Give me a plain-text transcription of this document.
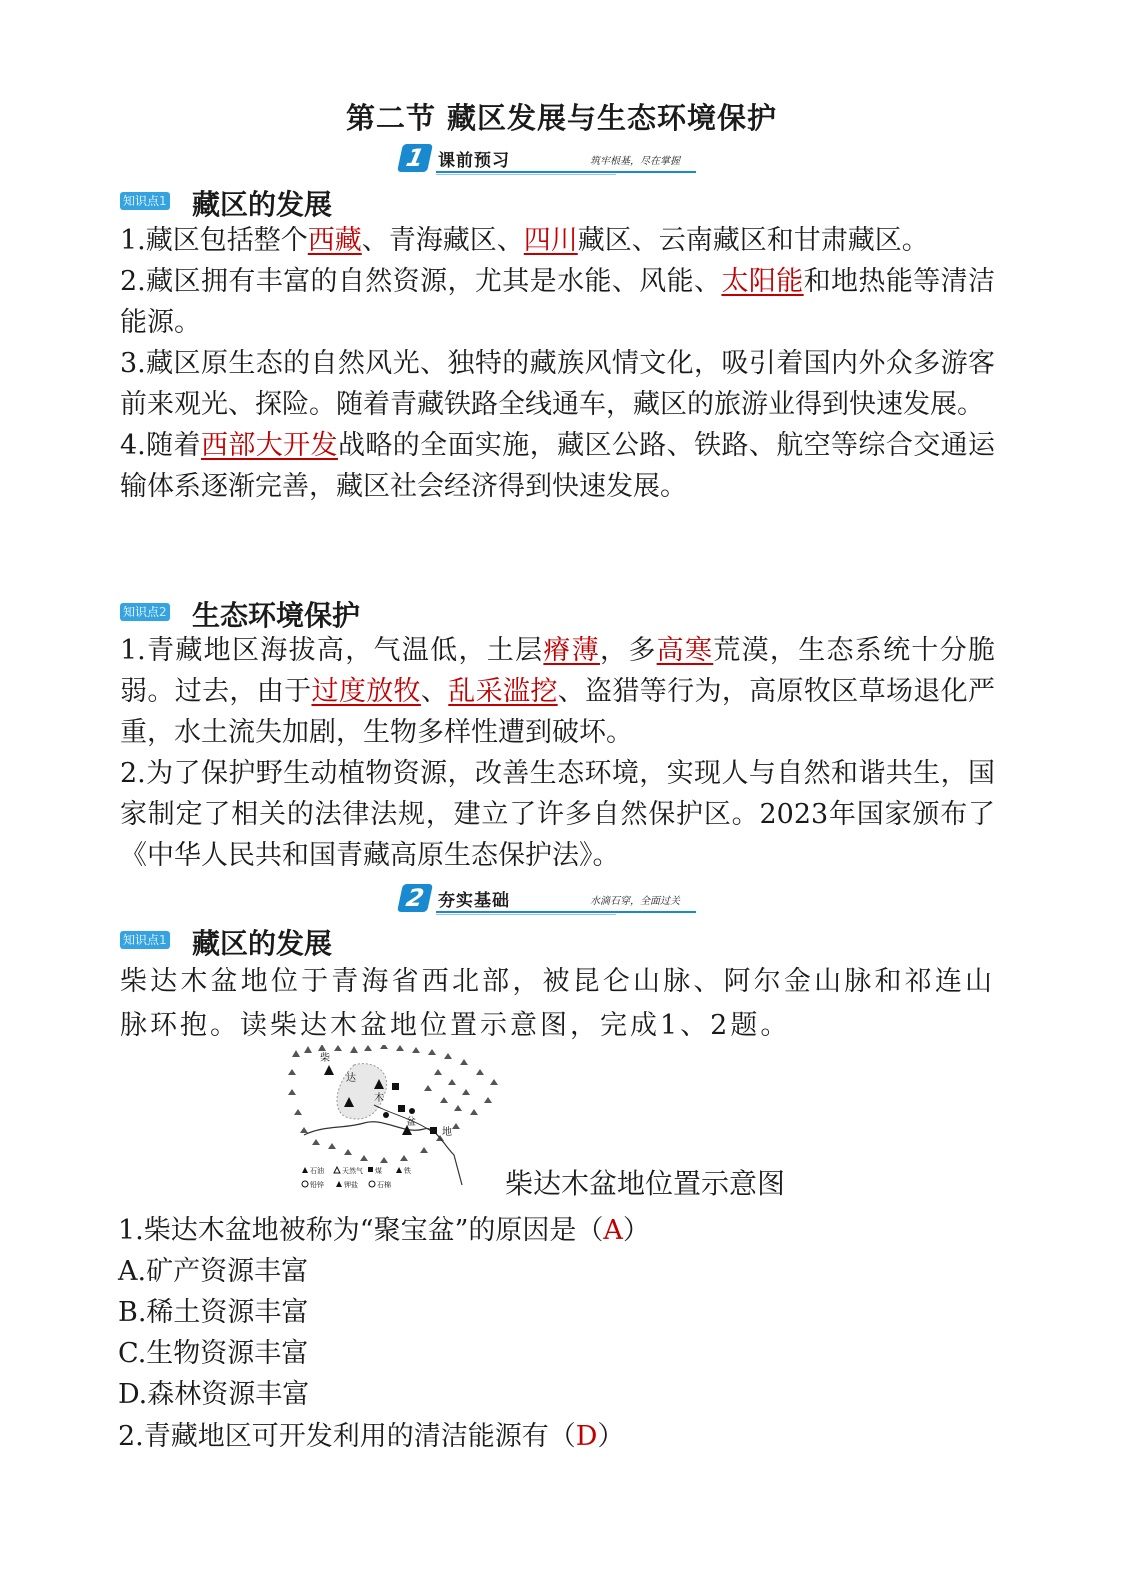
第二节 藏区发展与生态环境保护
1 课前预习	筑牢根基，尽在掌握
知识点1 藏区的发展

1.藏区包括整个西藏、青海藏区、四川藏区、云南藏区和甘肃藏区。

2.藏区拥有丰富的自然资源，尤其是水能、风能、太阳能和地热能等清洁能源。

3.藏区原生态的自然风光、独特的藏族风情文化，吸引着国内外众多游客前来观光、探险。随着青藏铁路全线通车，藏区的旅游业得到快速发展。

4.随着西部大开发战略的全面实施，藏区公路、铁路、航空等综合交通运输体系逐渐完善，藏区社会经济得到快速发展。

知识点2 生态环境保护

1.青藏地区海拔高，气温低，土层瘠薄，多高寒荒漠，生态系统十分脆弱。过去，由于过度放牧、乱采滥挖、盗猎等行为，高原牧区草场退化严重，水土流失加剧，生物多样性遭到破坏。

2.为了保护野生动植物资源，改善生态环境，实现人与自然和谐共生，国家制定了相关的法律法规，建立了许多自然保护区。2023年国家颁布了《中华人民共和国青藏高原生态保护法》。

2 夯实基础	水滴石穿，全面过关
知识点1 藏区的发展
柴达木盆地位于青海省西北部，被昆仑山脉、阿尔金山脉和祁连山脉环抱。读柴达木盆地位置示意图，完成1、2题。
柴
达
木
盆
地
石油	天然气 煤	铁
铅锌	钾盐	石棉	柴达木盆地位置示意图
1.柴达木盆地被称为“聚宝盆”的原因是（A）
A.矿产资源丰富
B.稀土资源丰富
C.生物资源丰富
D.森林资源丰富
2.青藏地区可开发利用的清洁能源有（D）
